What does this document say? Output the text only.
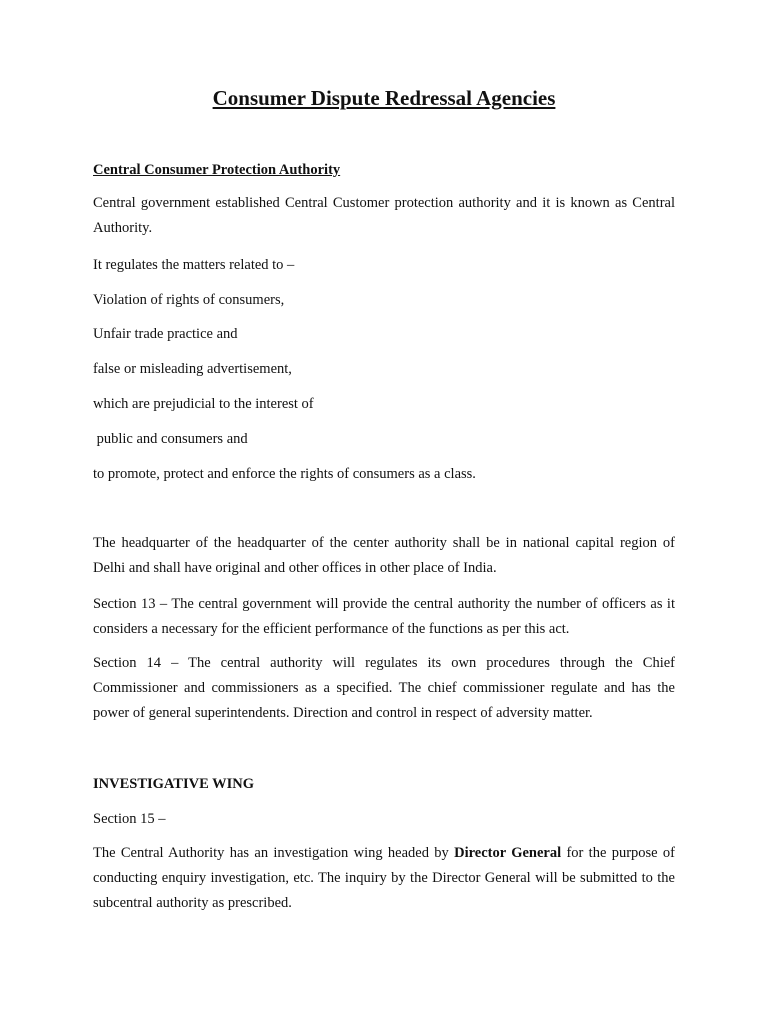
Consumer Dispute Redressal Agencies

Central Consumer Protection Authority

Central government established Central Customer protection authority and it is known as Central Authority.

It regulates the matters related to –

Violation of rights of consumers,

Unfair trade practice and

false or misleading advertisement,

which are prejudicial to the interest of

public and consumers and

to promote, protect and enforce the rights of consumers as a class.

The headquarter of the headquarter of the center authority shall be in national capital region of Delhi and shall have original and other offices in other place of India.

Section 13 – The central government will provide the central authority the number of officers as it considers a necessary for the efficient performance of the functions as per this act.

Section 14 – The central authority will regulates its own procedures through the Chief Commissioner and commissioners as a specified. The chief commissioner regulate and has the power of general superintendents. Direction and control in respect of adversity matter.

INVESTIGATIVE WING

Section 15 –

The Central Authority has an investigation wing headed by Director General for the purpose of conducting enquiry investigation, etc. The inquiry by the Director General will be submitted to the subcentral authority as prescribed.
